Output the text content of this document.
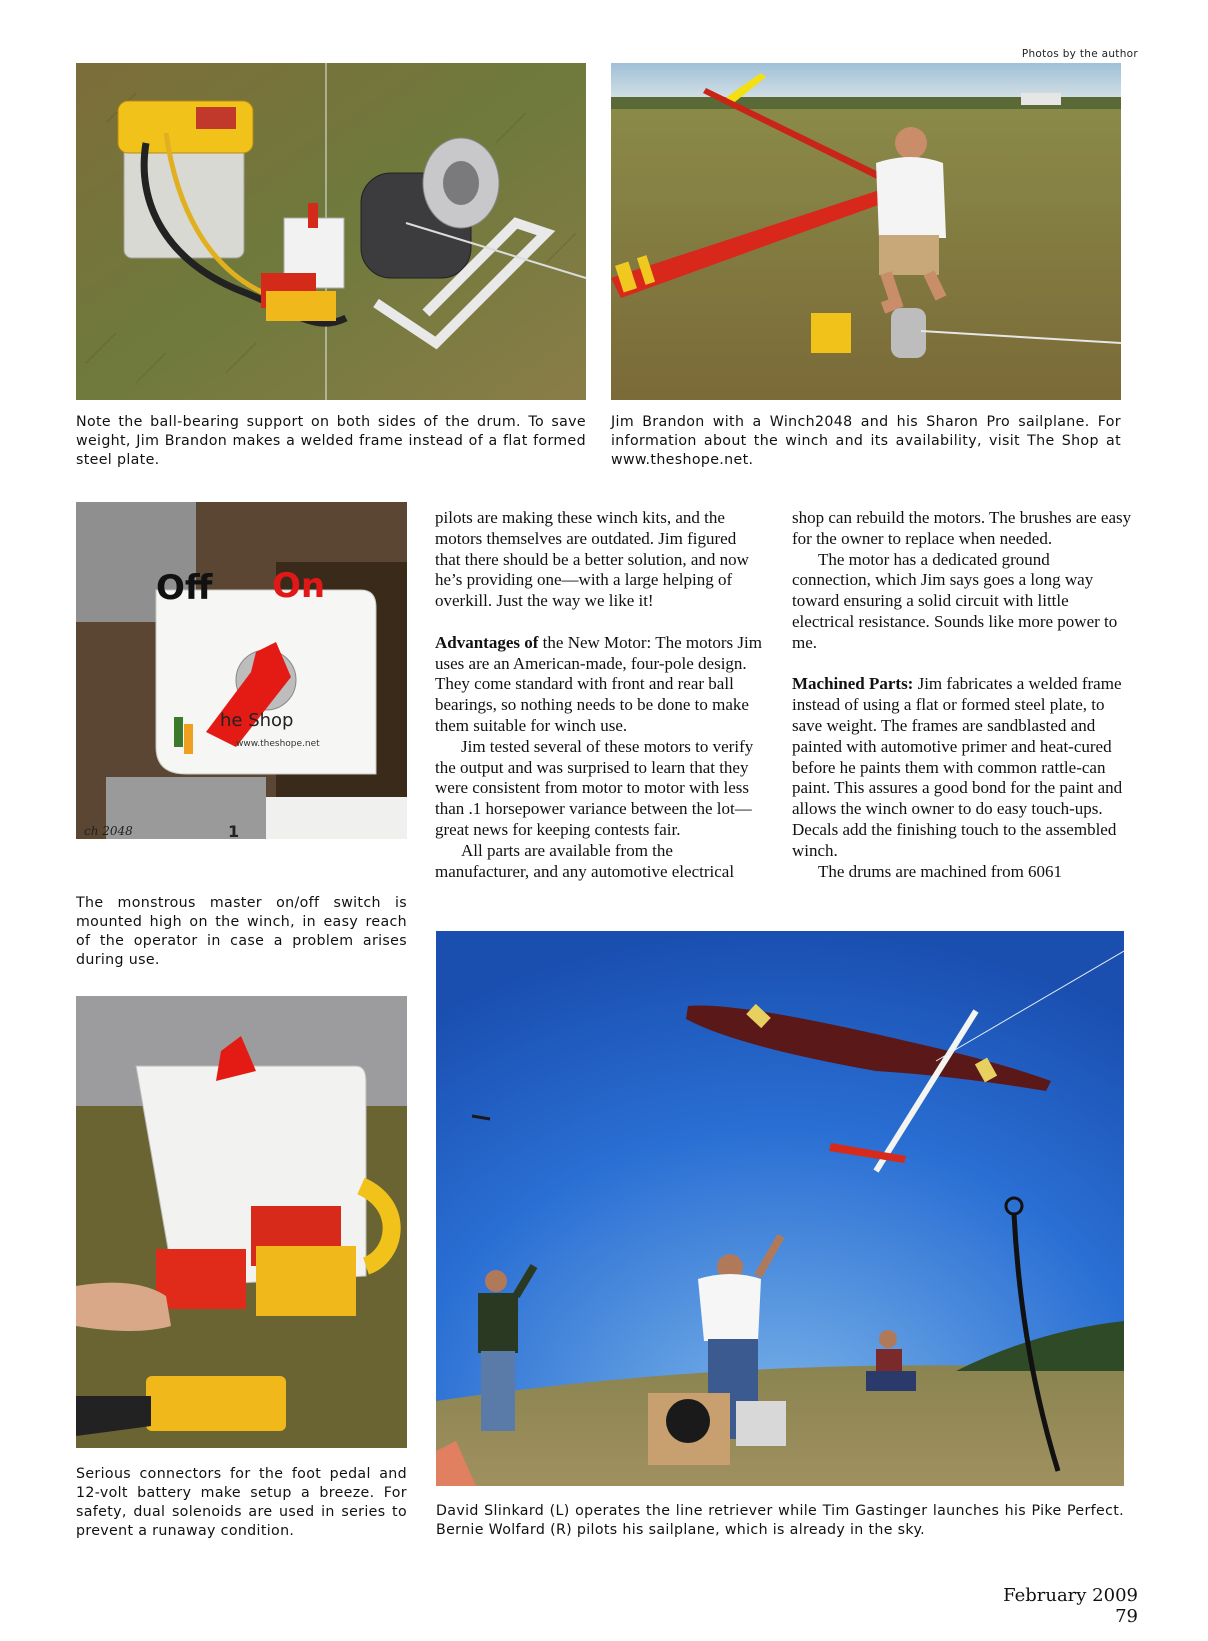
Photos by the author
Note the ball-bearing support on both sides of the drum. To save weight, Jim Brandon makes a welded frame instead of a flat formed steel plate.
Jim Brandon with a Winch2048 and his Sharon Pro sailplane. For information about the winch and its availability, visit The Shop at www.theshope.net.
ch 2048	1
Off On
he Shop
www.theshope.net
The monstrous master on/off switch is mounted high on the winch, in easy reach of the operator in case a problem arises during use.

pilots are making these winch kits, and the motors themselves are outdated. Jim figured that there should be a better solution, and now he’s providing one—with a large helping of overkill. Just the way we like it!

Advantages of the New Motor: The motors Jim uses are an American-made, four-pole design. They come standard with front and rear ball bearings, so nothing needs to be done to make them suitable for winch use.

Jim tested several of these motors to verify the output and was surprised to learn that they were consistent from motor to motor with less than .1 horsepower variance between the lot—great news for keeping contests fair.

All parts are available from the manufacturer, and any automotive electrical

shop can rebuild the motors. The brushes are easy for the owner to replace when needed.

The motor has a dedicated ground connection, which Jim says goes a long way toward ensuring a solid circuit with little electrical resistance. Sounds like more power to me.

Machined Parts: Jim fabricates a welded frame instead of using a flat or formed steel plate, to save weight. The frames are sandblasted and painted with automotive primer and heat-cured before he paints them with common rattle-can paint. This assures a good bond for the paint and allows the winch owner to do easy touch-ups. Decals add the finishing touch to the assembled winch.

The drums are machined from 6061

Serious connectors for the foot pedal and 12-volt battery make setup a breeze. For safety, dual solenoids are used in series to prevent a runaway condition.
David Slinkard (L) operates the line retriever while Tim Gastinger launches his Pike Perfect. Bernie Wolfard (R) pilots his sailplane, which is already in the sky.
February 2009 79
